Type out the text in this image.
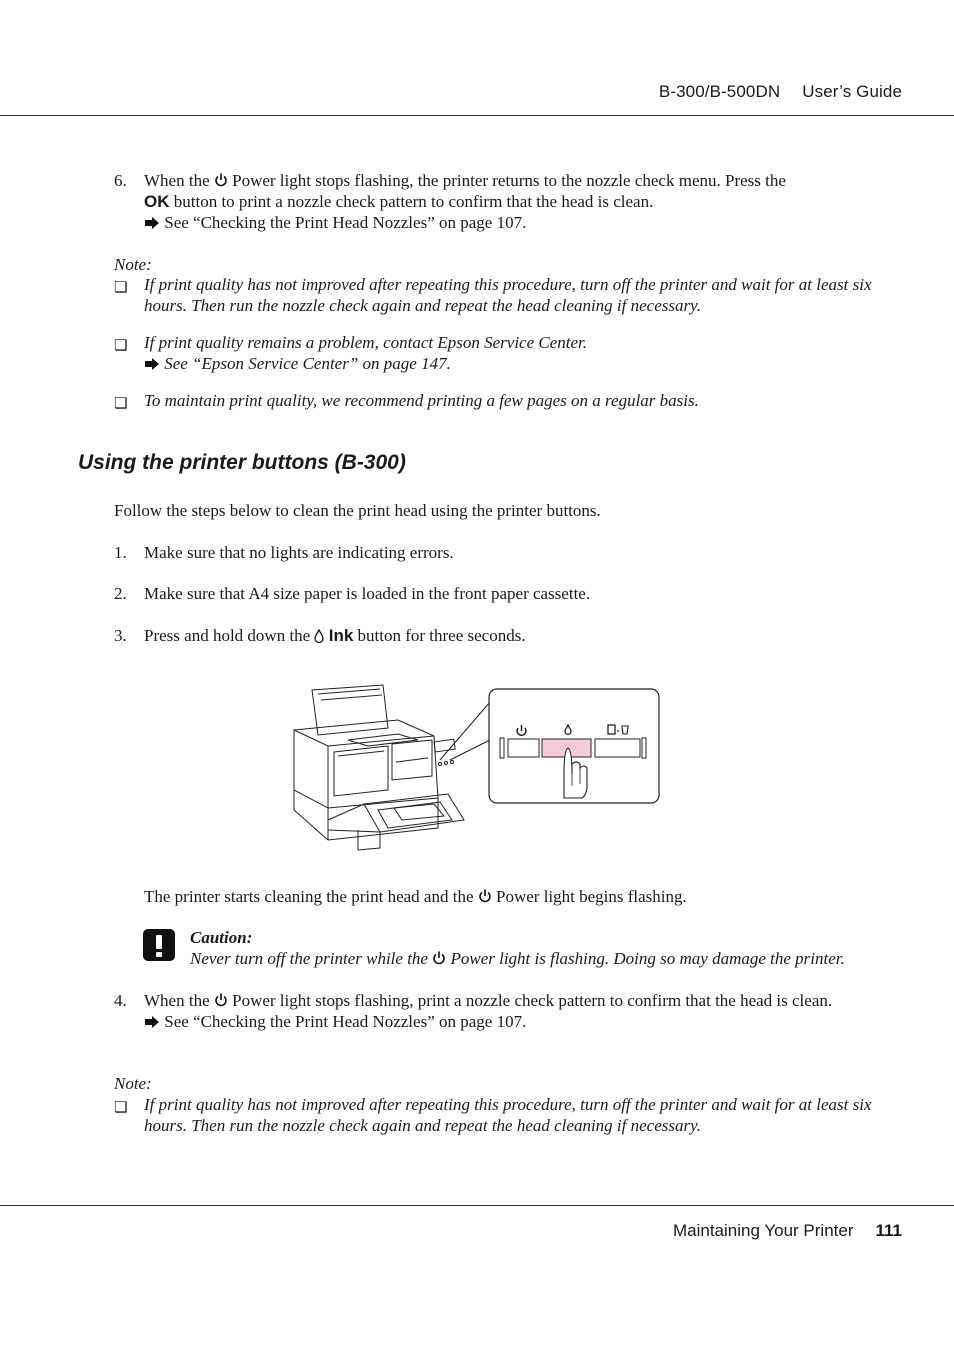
B-300/B-500DN User’s Guide
6. When the Power light stops flashing, the printer returns to the nozzle check menu. Press the
OK button to print a nozzle check pattern to confirm that the head is clean.
See “Checking the Print Head Nozzles” on page 107.
Note:
❏ If print quality has not improved after repeating this procedure, turn off the printer and wait for at least six hours. Then run the nozzle check again and repeat the head cleaning if necessary.
❏ If print quality remains a problem, contact Epson Service Center.
See “Epson Service Center” on page 147.
❏ To maintain print quality, we recommend printing a few pages on a regular basis.
Using the printer buttons (B-300)
Follow the steps below to clean the print head using the printer buttons.
1. Make sure that no lights are indicating errors.
2. Make sure that A4 size paper is loaded in the front paper cassette.
3. Press and hold down the Ink button for three seconds.
The printer starts cleaning the print head and the Power light begins flashing.
Caution:
Never turn off the printer while the Power light is flashing. Doing so may damage the printer.
4. When the Power light stops flashing, print a nozzle check pattern to confirm that the head is clean.
See “Checking the Print Head Nozzles” on page 107.
Note:
❏ If print quality has not improved after repeating this procedure, turn off the printer and wait for at least six hours. Then run the nozzle check again and repeat the head cleaning if necessary.
Maintaining Your Printer 111
